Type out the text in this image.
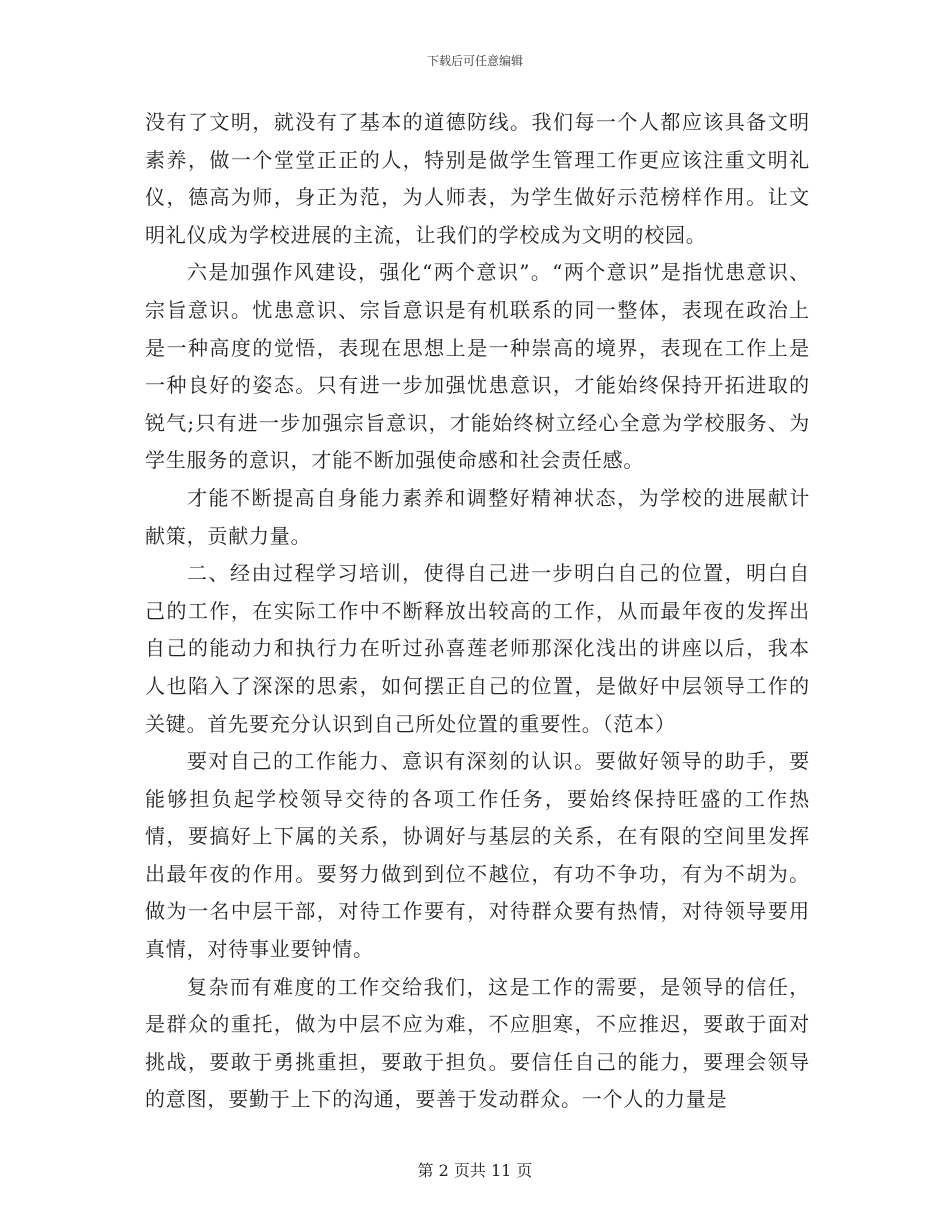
下载后可任意编辑

没有了文明，就没有了基本的道德防线。我们每一个人都应该具备文明素养，做一个堂堂正正的人，特别是做学生管理工作更应该注重文明礼仪，德高为师，身正为范，为人师表，为学生做好示范榜样作用。让文明礼仪成为学校进展的主流，让我们的学校成为文明的校园。

六是加强作风建设，强化“两个意识”。“两个意识”是指忧患意识、宗旨意识。忧患意识、宗旨意识是有机联系的同一整体，表现在政治上是一种高度的觉悟，表现在思想上是一种崇高的境界，表现在工作上是一种良好的姿态。只有进一步加强忧患意识，才能始终保持开拓进取的锐气;只有进一步加强宗旨意识，才能始终树立经心全意为学校服务、为学生服务的意识，才能不断加强使命感和社会责任感。

才能不断提高自身能力素养和调整好精神状态，为学校的进展献计献策，贡献力量。

二、经由过程学习培训，使得自己进一步明白自己的位置，明白自己的工作，在实际工作中不断释放出较高的工作，从而最年夜的发挥出自己的能动力和执行力在听过孙喜莲老师那深化浅出的讲座以后，我本人也陷入了深深的思索，如何摆正自己的位置，是做好中层领导工作的关键。首先要充分认识到自己所处位置的重要性。（范本）

要对自己的工作能力、意识有深刻的认识。要做好领导的助手，要能够担负起学校领导交待的各项工作任务，要始终保持旺盛的工作热情，要搞好上下属的关系，协调好与基层的关系，在有限的空间里发挥出最年夜的作用。要努力做到到位不越位，有功不争功，有为不胡为。做为一名中层干部，对待工作要有，对待群众要有热情，对待领导要用真情，对待事业要钟情。

复杂而有难度的工作交给我们，这是工作的需要，是领导的信任，是群众的重托，做为中层不应为难，不应胆寒，不应推迟，要敢于面对挑战，要敢于勇挑重担，要敢于担负。要信任自己的能力，要理会领导的意图，要勤于上下的沟通，要善于发动群众。一个人的力量是

第 2 页共 11 页
